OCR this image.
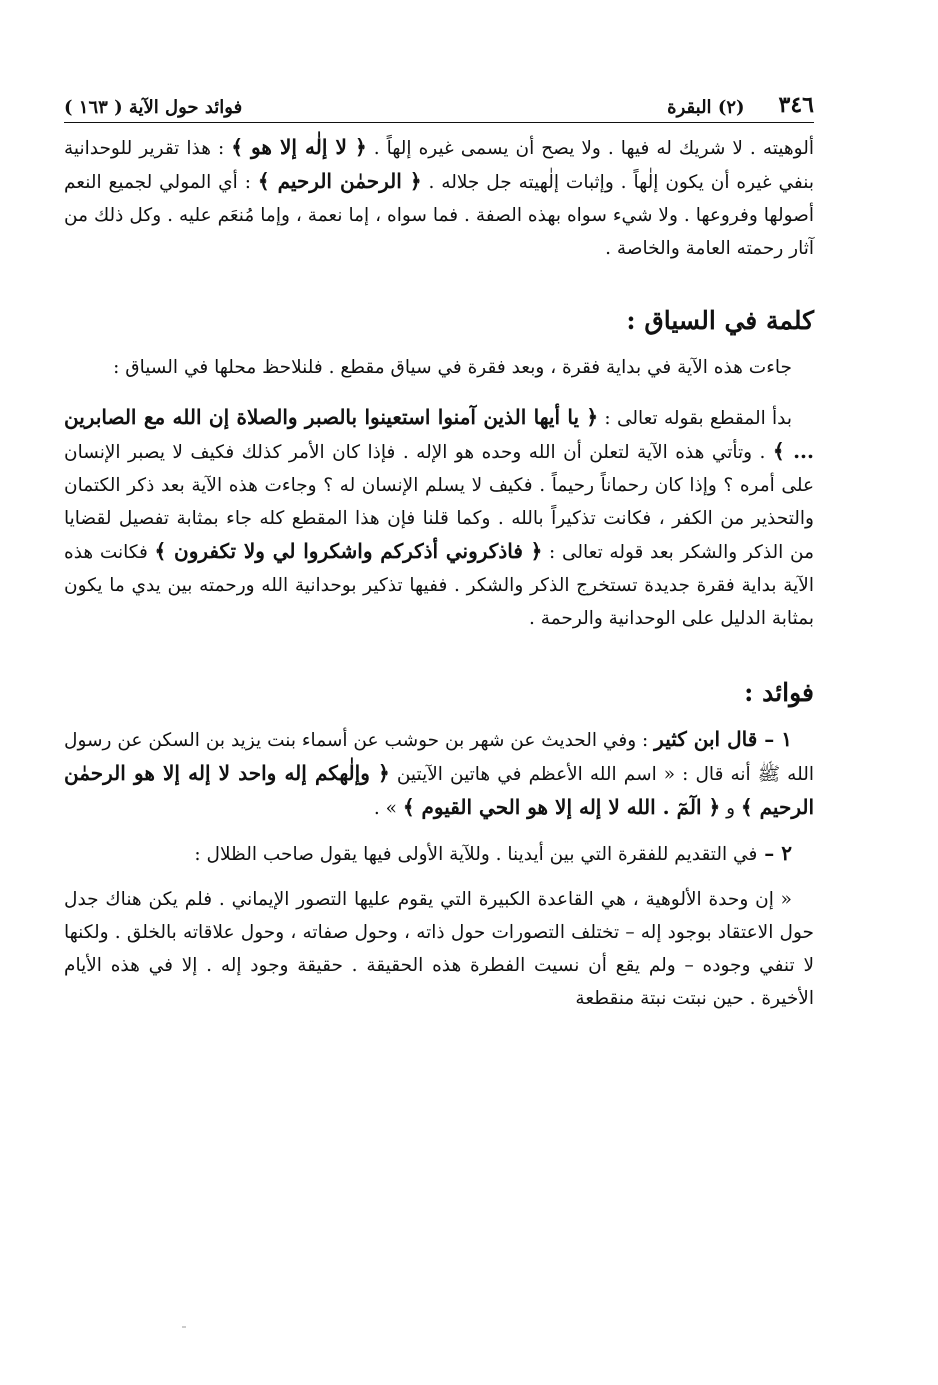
٣٤٦
(٢) البقرة
فوائد حول الآية ( ١٦٣ )

ألوهيته . لا شريك له فيها . ولا يصح أن يسمى غيره إلهاً . ﴿ لا إلٰه إلا هو ﴾ : هذا تقرير للوحدانية بنفي غيره أن يكون إلٰهاً . وإثبات إلٰهيته جل جلاله . ﴿ الرحمٰن الرحيم ﴾ : أي المولي لجميع النعم أصولها وفروعها . ولا شيء سواه بهذه الصفة . فما سواه ، إما نعمة ، وإما مُنعَم عليه . وكل ذلك من آثار رحمته العامة والخاصة .

كلمة في السياق :

جاءت هذه الآية في بداية فقرة ، وبعد فقرة في سياق مقطع . فلنلاحظ محلها في السياق :

بدأ المقطع بقوله تعالى : ﴿ يا أيها الذين آمنوا استعينوا بالصبر والصلاة إن الله مع الصابرين ... ﴾ . وتأتي هذه الآية لتعلن أن الله وحده هو الإله . فإذا كان الأمر كذلك فكيف لا يصبر الإنسان على أمره ؟ وإذا كان رحماناً رحيماً . فكيف لا يسلم الإنسان له ؟ وجاءت هذه الآية بعد ذكر الكتمان والتحذير من الكفر ، فكانت تذكيراً بالله . وكما قلنا فإن هذا المقطع كله جاء بمثابة تفصيل لقضايا من الذكر والشكر بعد قوله تعالى : ﴿ فاذكروني أذكركم واشكروا لي ولا تكفرون ﴾ فكانت هذه الآية بداية فقرة جديدة تستخرج الذكر والشكر . ففيها تذكير بوحدانية الله ورحمته بين يدي ما يكون بمثابة الدليل على الوحدانية والرحمة .

فوائد :

١ – قال ابن كثير : وفي الحديث عن شهر بن حوشب عن أسماء بنت يزيد بن السكن عن رسول الله ﷺ أنه قال : « اسم الله الأعظم في هاتين الآيتين ﴿ وإلٰهكم إله واحد لا إله إلا هو الرحمٰن الرحيم ﴾ و ﴿ الٓمٓ . الله لا إله إلا هو الحي القيوم ﴾ » .

٢ – في التقديم للفقرة التي بين أيدينا . وللآية الأولى فيها يقول صاحب الظلال :

« إن وحدة الألوهية ، هي القاعدة الكبيرة التي يقوم عليها التصور الإيماني . فلم يكن هناك جدل حول الاعتقاد بوجود إله – تختلف التصورات حول ذاته ، وحول صفاته ، وحول علاقاته بالخلق . ولكنها لا تنفي وجوده – ولم يقع أن نسيت الفطرة هذه الحقيقة . حقيقة وجود إله . إلا في هذه الأيام الأخيرة . حين نبتت نبتة منقطعة
